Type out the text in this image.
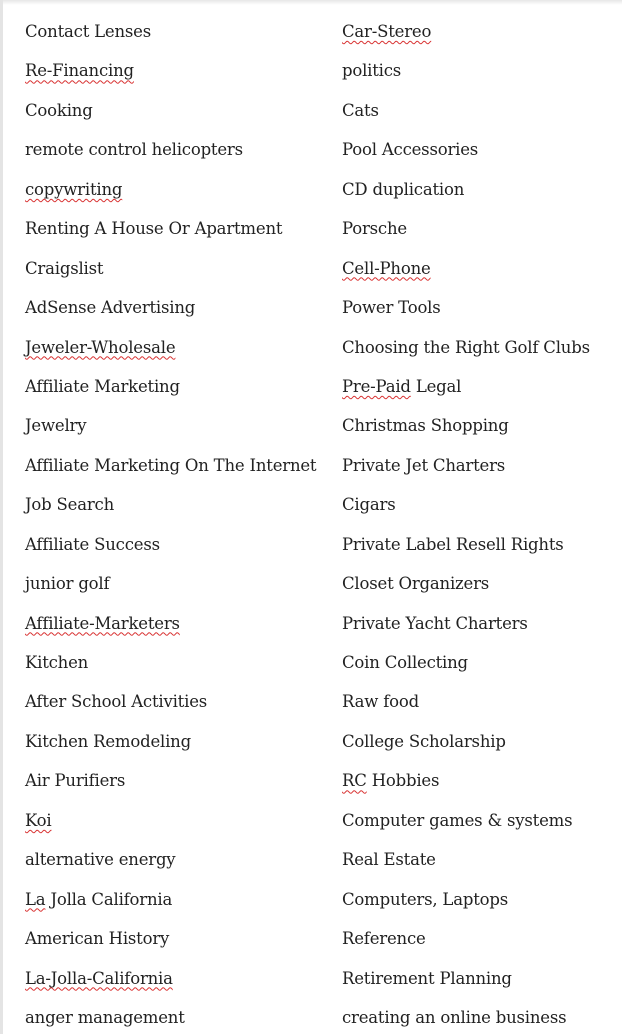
Contact Lenses
Re-Financing
Cooking
remote control helicopters
copywriting
Renting A House Or Apartment
Craigslist
AdSense Advertising
Jeweler-Wholesale
Affiliate Marketing
Jewelry
Affiliate Marketing On The Internet
Job Search
Affiliate Success
junior golf
Affiliate-Marketers
Kitchen
After School Activities
Kitchen Remodeling
Air Purifiers
Koi
alternative energy
La Jolla California
American History
La-Jolla-California
anger management
Car-Stereo
politics
Cats
Pool Accessories
CD duplication
Porsche
Cell-Phone
Power Tools
Choosing the Right Golf Clubs
Pre-Paid Legal
Christmas Shopping
Private Jet Charters
Cigars
Private Label Resell Rights
Closet Organizers
Private Yacht Charters
Coin Collecting
Raw food
College Scholarship
RC Hobbies
Computer games & systems
Real Estate
Computers, Laptops
Reference
Retirement Planning
creating an online business
